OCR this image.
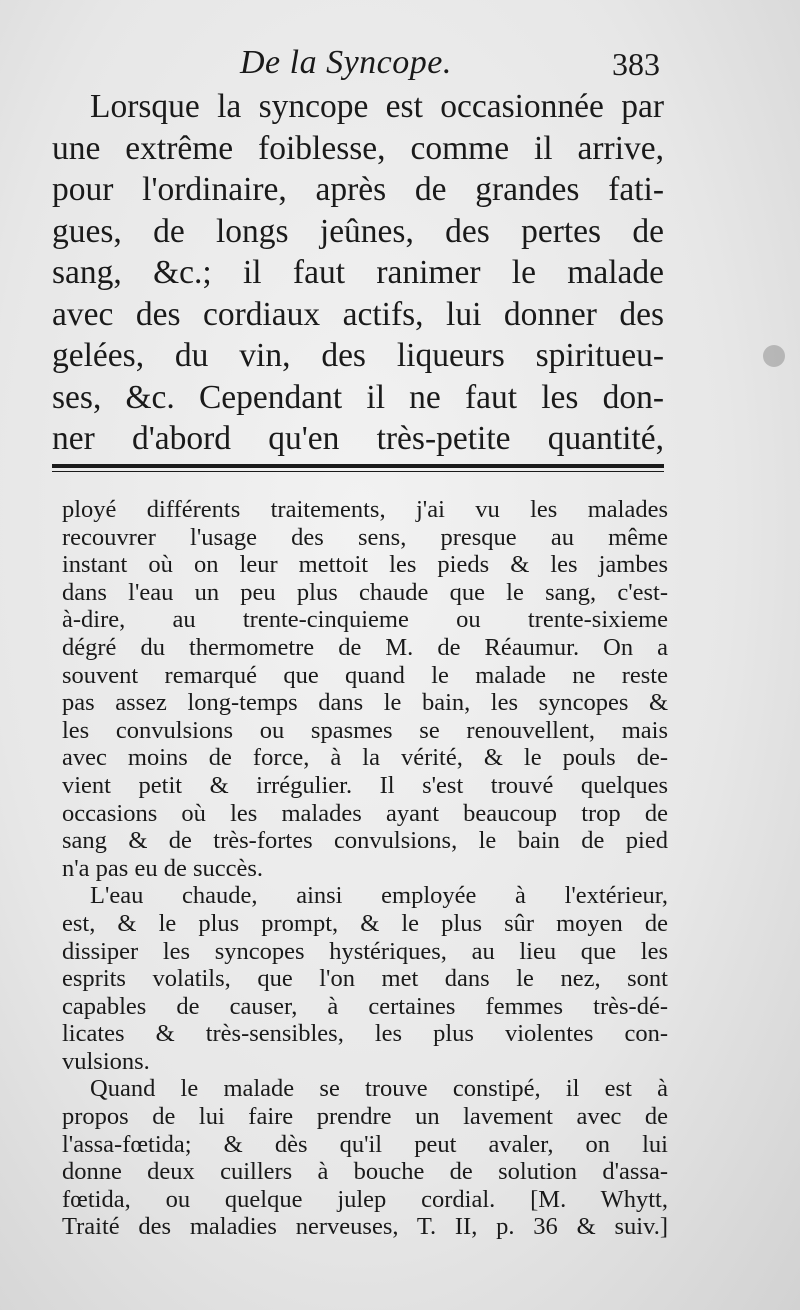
De la Syncope.	383
Lorsque la syncope est occasionnée par
une extrême foiblesse, comme il arrive,
pour l'ordinaire, après de grandes fati-
gues, de longs jeûnes, des pertes de
sang, &c.; il faut ranimer le malade
avec des cordiaux actifs, lui donner des
gelées, du vin, des liqueurs spiritueu-
ses, &c. Cependant il ne faut les don-
ner d'abord qu'en très-petite quantité,
ployé différents traitements, j'ai vu les malades
recouvrer l'usage des sens, presque au même
instant où on leur mettoit les pieds & les jambes
dans l'eau un peu plus chaude que le sang, c'est-
à-dire, au trente-cinquieme ou trente-sixieme
dégré du thermometre de M. de Réaumur. On a
souvent remarqué que quand le malade ne reste
pas assez long-temps dans le bain, les syncopes &
les convulsions ou spasmes se renouvellent, mais
avec moins de force, à la vérité, & le pouls de-
vient petit & irrégulier. Il s'est trouvé quelques
occasions où les malades ayant beaucoup trop de
sang & de très-fortes convulsions, le bain de pied
n'a pas eu de succès.
L'eau chaude, ainsi employée à l'extérieur,
est, & le plus prompt, & le plus sûr moyen de
dissiper les syncopes hystériques, au lieu que les
esprits volatils, que l'on met dans le nez, sont
capables de causer, à certaines femmes très-dé-
licates & très-sensibles, les plus violentes con-
vulsions.
Quand le malade se trouve constipé, il est à
propos de lui faire prendre un lavement avec de
l'assa-fœtida; & dès qu'il peut avaler, on lui
donne deux cuillers à bouche de solution d'assa-
fœtida, ou quelque julep cordial. [M. Whytt,
Traité des maladies nerveuses, T. II, p. 36 & suiv.]
